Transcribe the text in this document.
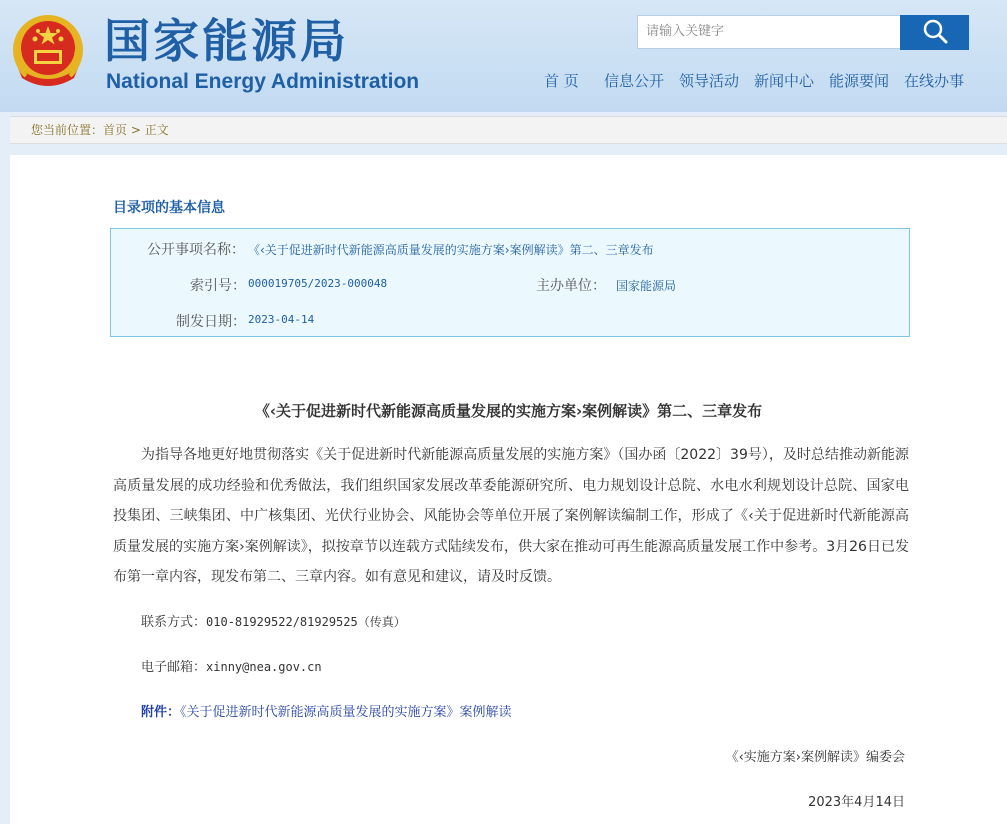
国家能源局
National Energy Administration
请输入关键字
首 页 信息公开 领导活动 新闻中心 能源要闻 在线办事
您当前位置：首页 > 正文
目录项的基本信息
公开事项名称： 《‹关于促进新时代新能源高质量发展的实施方案›案例解读》第二、三章发布
索引号： 000019705/2023-000048	主办单位： 国家能源局
制发日期： 2023-04-14
《‹关于促进新时代新能源高质量发展的实施方案›案例解读》第二、三章发布
为指导各地更好地贯彻落实《关于促进新时代新能源高质量发展的实施方案》（国办函〔2022〕39号），及时总结推动新能源高质量发展的成功经验和优秀做法，我们组织国家发展改革委能源研究所、电力规划设计总院、水电水利规划设计总院、国家电投集团、三峡集团、中广核集团、光伏行业协会、风能协会等单位开展了案例解读编制工作，形成了《‹关于促进新时代新能源高质量发展的实施方案›案例解读》，拟按章节以连载方式陆续发布，供大家在推动可再生能源高质量发展工作中参考。3月26日已发布第一章内容，现发布第二、三章内容。如有意见和建议，请及时反馈。
联系方式：010-81929522/81929525（传真）
电子邮箱：xinny@nea.gov.cn
附件：《关于促进新时代新能源高质量发展的实施方案》案例解读
《‹实施方案›案例解读》编委会
2023年4月14日
